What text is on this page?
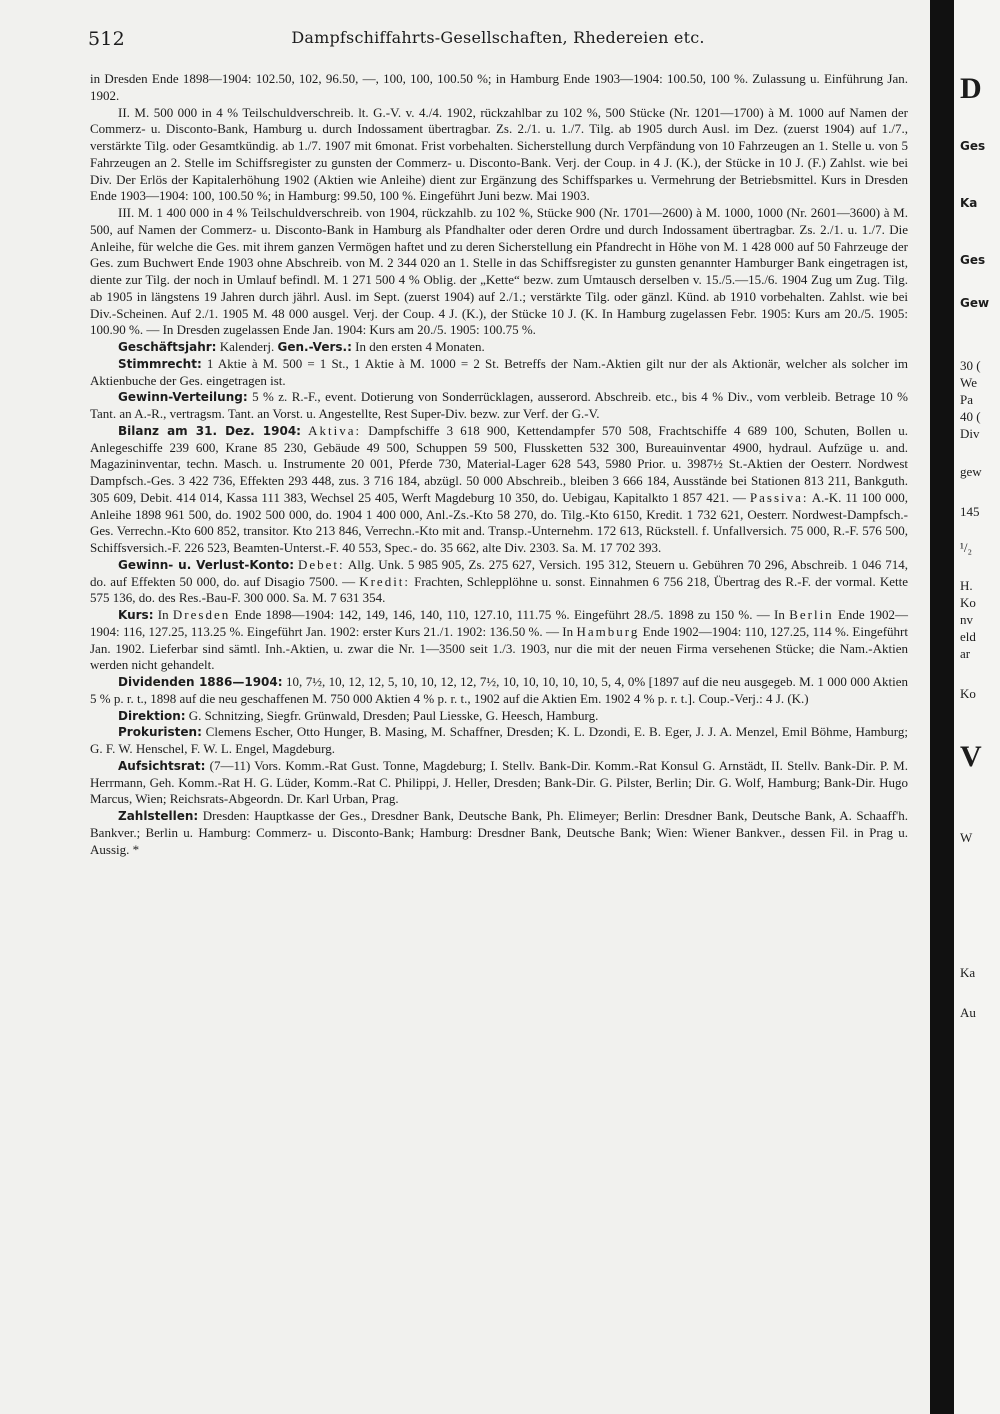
512	Dampfschiffahrts-Gesellschaften, Rhedereien etc.

in Dresden Ende 1898—1904: 102.50, 102, 96.50, —, 100, 100, 100.50 %; in Hamburg Ende 1903—1904: 100.50, 100 %. Zulassung u. Einführung Jan. 1902.

II. M. 500 000 in 4 % Teilschuldverschreib. lt. G.-V. v. 4./4. 1902, rückzahlbar zu 102 %, 500 Stücke (Nr. 1201—1700) à M. 1000 auf Namen der Commerz- u. Disconto-Bank, Hamburg u. durch Indossament übertragbar. Zs. 2./1. u. 1./7. Tilg. ab 1905 durch Ausl. im Dez. (zuerst 1904) auf 1./7., verstärkte Tilg. oder Gesamtkündig. ab 1./7. 1907 mit 6monat. Frist vorbehalten. Sicherstellung durch Verpfändung von 10 Fahrzeugen an 1. Stelle u. von 5 Fahrzeugen an 2. Stelle im Schiffsregister zu gunsten der Commerz- u. Disconto-Bank. Verj. der Coup. in 4 J. (K.), der Stücke in 10 J. (F.) Zahlst. wie bei Div. Der Erlös der Kapitalerhöhung 1902 (Aktien wie Anleihe) dient zur Ergänzung des Schiffsparkes u. Vermehrung der Betriebsmittel. Kurs in Dresden Ende 1903—1904: 100, 100.50 %; in Hamburg: 99.50, 100 %. Eingeführt Juni bezw. Mai 1903.

III. M. 1 400 000 in 4 % Teilschuldverschreib. von 1904, rückzahlb. zu 102 %, Stücke 900 (Nr. 1701—2600) à M. 1000, 1000 (Nr. 2601—3600) à M. 500, auf Namen der Commerz- u. Disconto-Bank in Hamburg als Pfandhalter oder deren Ordre und durch Indossament übertragbar. Zs. 2./1. u. 1./7. Die Anleihe, für welche die Ges. mit ihrem ganzen Vermögen haftet und zu deren Sicherstellung ein Pfandrecht in Höhe von M. 1 428 000 auf 50 Fahrzeuge der Ges. zum Buchwert Ende 1903 ohne Abschreib. von M. 2 344 020 an 1. Stelle in das Schiffsregister zu gunsten genannter Hamburger Bank eingetragen ist, diente zur Tilg. der noch in Umlauf befindl. M. 1 271 500 4 % Oblig. der „Kette“ bezw. zum Umtausch derselben v. 15./5.—15./6. 1904 Zug um Zug. Tilg. ab 1905 in längstens 19 Jahren durch jährl. Ausl. im Sept. (zuerst 1904) auf 2./1.; verstärkte Tilg. oder gänzl. Künd. ab 1910 vorbehalten. Zahlst. wie bei Div.-Scheinen. Auf 2./1. 1905 M. 48 000 ausgel. Verj. der Coup. 4 J. (K.), der Stücke 10 J. (K. In Hamburg zugelassen Febr. 1905: Kurs am 20./5. 1905: 100.90 %. — In Dresden zugelassen Ende Jan. 1904: Kurs am 20./5. 1905: 100.75 %.

Geschäftsjahr: Kalenderj. Gen.-Vers.: In den ersten 4 Monaten.

Stimmrecht: 1 Aktie à M. 500 = 1 St., 1 Aktie à M. 1000 = 2 St. Betreffs der Nam.-Aktien gilt nur der als Aktionär, welcher als solcher im Aktienbuche der Ges. eingetragen ist.

Gewinn-Verteilung: 5 % z. R.-F., event. Dotierung von Sonderrücklagen, ausserord. Abschreib. etc., bis 4 % Div., vom verbleib. Betrage 10 % Tant. an A.-R., vertragsm. Tant. an Vorst. u. Angestellte, Rest Super-Div. bezw. zur Verf. der G.-V.

Bilanz am 31. Dez. 1904: Aktiva: Dampfschiffe 3 618 900, Kettendampfer 570 508, Frachtschiffe 4 689 100, Schuten, Bollen u. Anlegeschiffe 239 600, Krane 85 230, Gebäude 49 500, Schuppen 59 500, Flussketten 532 300, Bureauinventar 4900, hydraul. Aufzüge u. and. Magazininventar, techn. Masch. u. Instrumente 20 001, Pferde 730, Material-Lager 628 543, 5980 Prior. u. 3987½ St.-Aktien der Oesterr. Nordwest Dampfsch.-Ges. 3 422 736, Effekten 293 448, zus. 3 716 184, abzügl. 50 000 Abschreib., bleiben 3 666 184, Ausstände bei Stationen 813 211, Bankguth. 305 609, Debit. 414 014, Kassa 111 383, Wechsel 25 405, Werft Magdeburg 10 350, do. Uebigau, Kapitalkto 1 857 421. — Passiva: A.-K. 11 100 000, Anleihe 1898 961 500, do. 1902 500 000, do. 1904 1 400 000, Anl.-Zs.-Kto 58 270, do. Tilg.-Kto 6150, Kredit. 1 732 621, Oesterr. Nordwest-Dampfsch.-Ges. Verrechn.-Kto 600 852, transitor. Kto 213 846, Verrechn.-Kto mit and. Transp.-Unternehm. 172 613, Rückstell. f. Unfallversich. 75 000, R.-F. 576 500, Schiffsversich.-F. 226 523, Beamten-Unterst.-F. 40 553, Spec.- do. 35 662, alte Div. 2303. Sa. M. 17 702 393.

Gewinn- u. Verlust-Konto: Debet: Allg. Unk. 5 985 905, Zs. 275 627, Versich. 195 312, Steuern u. Gebühren 70 296, Abschreib. 1 046 714, do. auf Effekten 50 000, do. auf Disagio 7500. — Kredit: Frachten, Schlepplöhne u. sonst. Einnahmen 6 756 218, Übertrag des R.-F. der vormal. Kette 575 136, do. des Res.-Bau-F. 300 000. Sa. M. 7 631 354.

Kurs: In Dresden Ende 1898—1904: 142, 149, 146, 140, 110, 127.10, 111.75 %. Eingeführt 28./5. 1898 zu 150 %. — In Berlin Ende 1902—1904: 116, 127.25, 113.25 %. Eingeführt Jan. 1902: erster Kurs 21./1. 1902: 136.50 %. — In Hamburg Ende 1902—1904: 110, 127.25, 114 %. Eingeführt Jan. 1902. Lieferbar sind sämtl. Inh.-Aktien, u. zwar die Nr. 1—3500 seit 1./3. 1903, nur die mit der neuen Firma versehenen Stücke; die Nam.-Aktien werden nicht gehandelt.

Dividenden 1886—1904: 10, 7½, 10, 12, 12, 5, 10, 10, 12, 12, 7½, 10, 10, 10, 10, 10, 5, 4, 0% [1897 auf die neu ausgegeb. M. 1 000 000 Aktien 5 % p. r. t., 1898 auf die neu geschaffenen M. 750 000 Aktien 4 % p. r. t., 1902 auf die Aktien Em. 1902 4 % p. r. t.]. Coup.-Verj.: 4 J. (K.)

Direktion: G. Schnitzing, Siegfr. Grünwald, Dresden; Paul Liesske, G. Heesch, Hamburg.

Prokuristen: Clemens Escher, Otto Hunger, B. Masing, M. Schaffner, Dresden; K. L. Dzondi, E. B. Eger, J. J. A. Menzel, Emil Böhme, Hamburg; G. F. W. Henschel, F. W. L. Engel, Magdeburg.

Aufsichtsrat: (7—11) Vors. Komm.-Rat Gust. Tonne, Magdeburg; I. Stellv. Bank-Dir. Komm.-Rat Konsul G. Arnstädt, II. Stellv. Bank-Dir. P. M. Herrmann, Geh. Komm.-Rat H. G. Lüder, Komm.-Rat C. Philippi, J. Heller, Dresden; Bank-Dir. G. Pilster, Berlin; Dir. G. Wolf, Hamburg; Bank-Dir. Hugo Marcus, Wien; Reichsrats-Abgeordn. Dr. Karl Urban, Prag.

Zahlstellen: Dresden: Hauptkasse der Ges., Dresdner Bank, Deutsche Bank, Ph. Elimeyer; Berlin: Dresdner Bank, Deutsche Bank, A. Schaaff'h. Bankver.; Berlin u. Hamburg: Commerz- u. Disconto-Bank; Hamburg: Dresdner Bank, Deutsche Bank; Wien: Wiener Bankver., dessen Fil. in Prag u. Aussig. *

D
Ges
Ka
Ges
Gew
30 (
We
Pa
40 (
Div
gew
145
¹/₂
H.
Ko
nv
eld
ar
Ko
V
W
Ka
Au
